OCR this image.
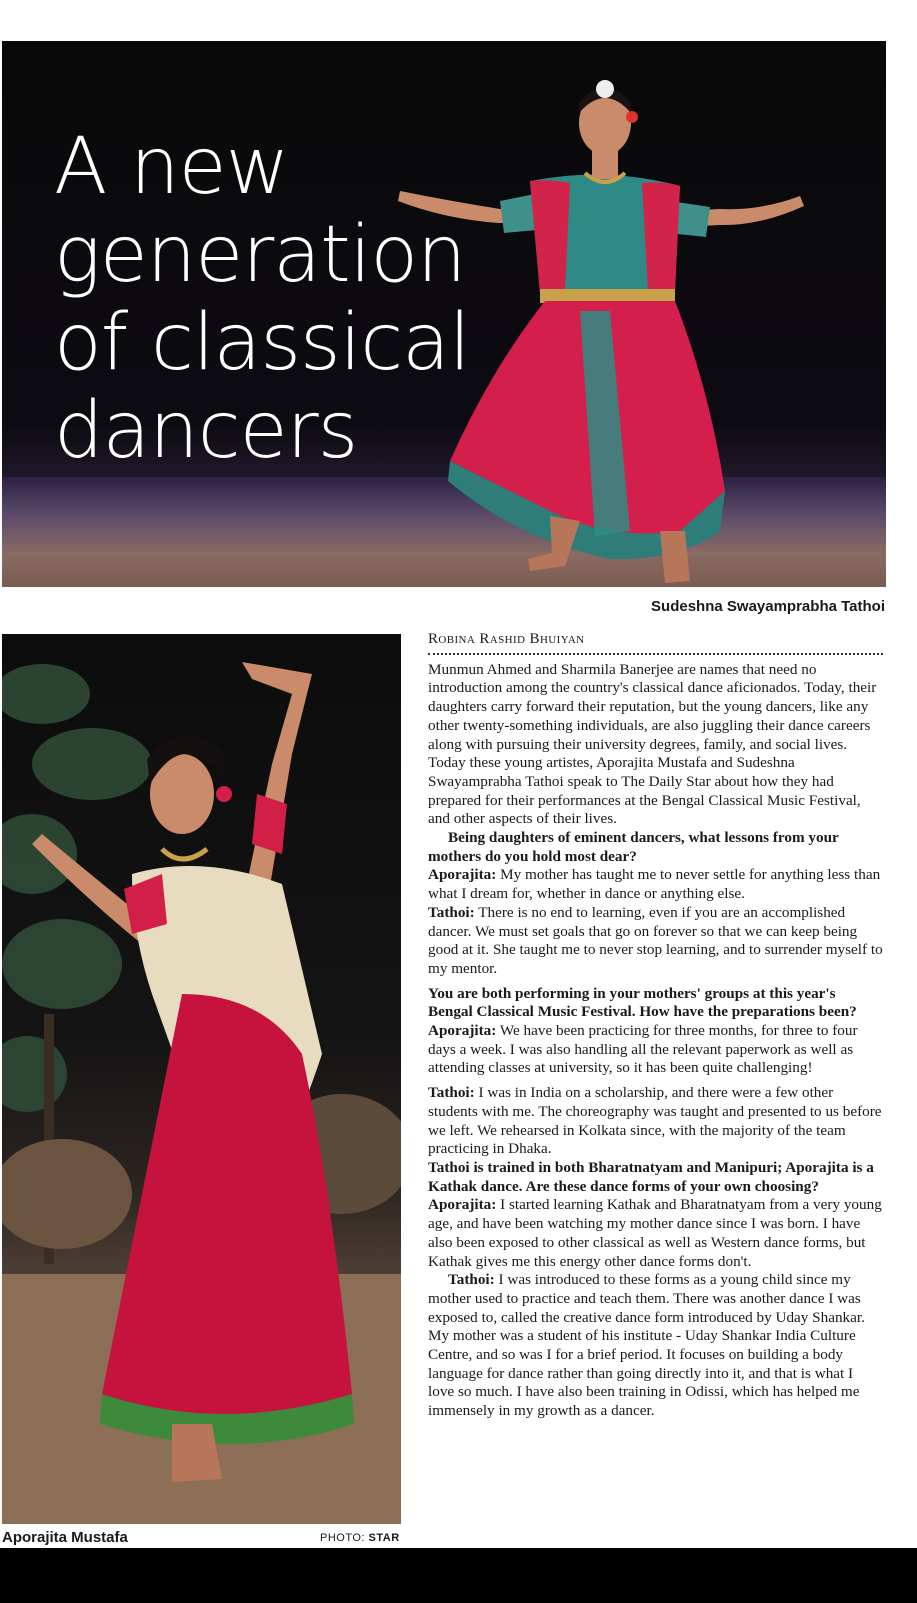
A new generation of classical dancers
Sudeshna Swayamprabha Tathoi
Aporajita Mustafa	PHOTO: STAR
Robina Rashid Bhuiyan

Munmun Ahmed and Sharmila Banerjee are names that need no introduction among the country's classical dance aficionados. Today, their daughters carry forward their reputation, but the young dancers, like any other twenty-something individuals, are also juggling their dance careers along with pursuing their university degrees, family, and social lives. Today these young artistes, Aporajita Mustafa and Sudeshna Swayamprabha Tathoi speak to The Daily Star about how they had prepared for their performances at the Bengal Classical Music Festival, and other aspects of their lives.

Being daughters of eminent dancers, what lessons from your mothers do you hold most dear?

Aporajita: My mother has taught me to never settle for anything less than what I dream for, whether in dance or anything else.

Tathoi: There is no end to learning, even if you are an accomplished dancer. We must set goals that go on forever so that we can keep being good at it. She taught me to never stop learning, and to surrender myself to my mentor.

You are both performing in your mothers' groups at this year's Bengal Classical Music Festival. How have the preparations been?

Aporajita: We have been practicing for three months, for three to four days a week. I was also handling all the relevant paperwork as well as attending classes at university, so it has been quite challenging!

Tathoi: I was in India on a scholarship, and there were a few other students with me. The choreography was taught and presented to us before we left. We rehearsed in Kolkata since, with the majority of the team practicing in Dhaka.

Tathoi is trained in both Bharatnatyam and Manipuri; Aporajita is a Kathak dance. Are these dance forms of your own choosing?

Aporajita: I started learning Kathak and Bharatnatyam from a very young age, and have been watching my mother dance since I was born. I have also been exposed to other classical as well as Western dance forms, but Kathak gives me this energy other dance forms don't.

Tathoi: I was introduced to these forms as a young child since my mother used to practice and teach them. There was another dance I was exposed to, called the creative dance form introduced by Uday Shankar. My mother was a student of his institute - Uday Shankar India Culture Centre, and so was I for a brief period. It focuses on building a body language for dance rather than going directly into it, and that is what I love so much. I have also been training in Odissi, which has helped me immensely in my growth as a dancer.
